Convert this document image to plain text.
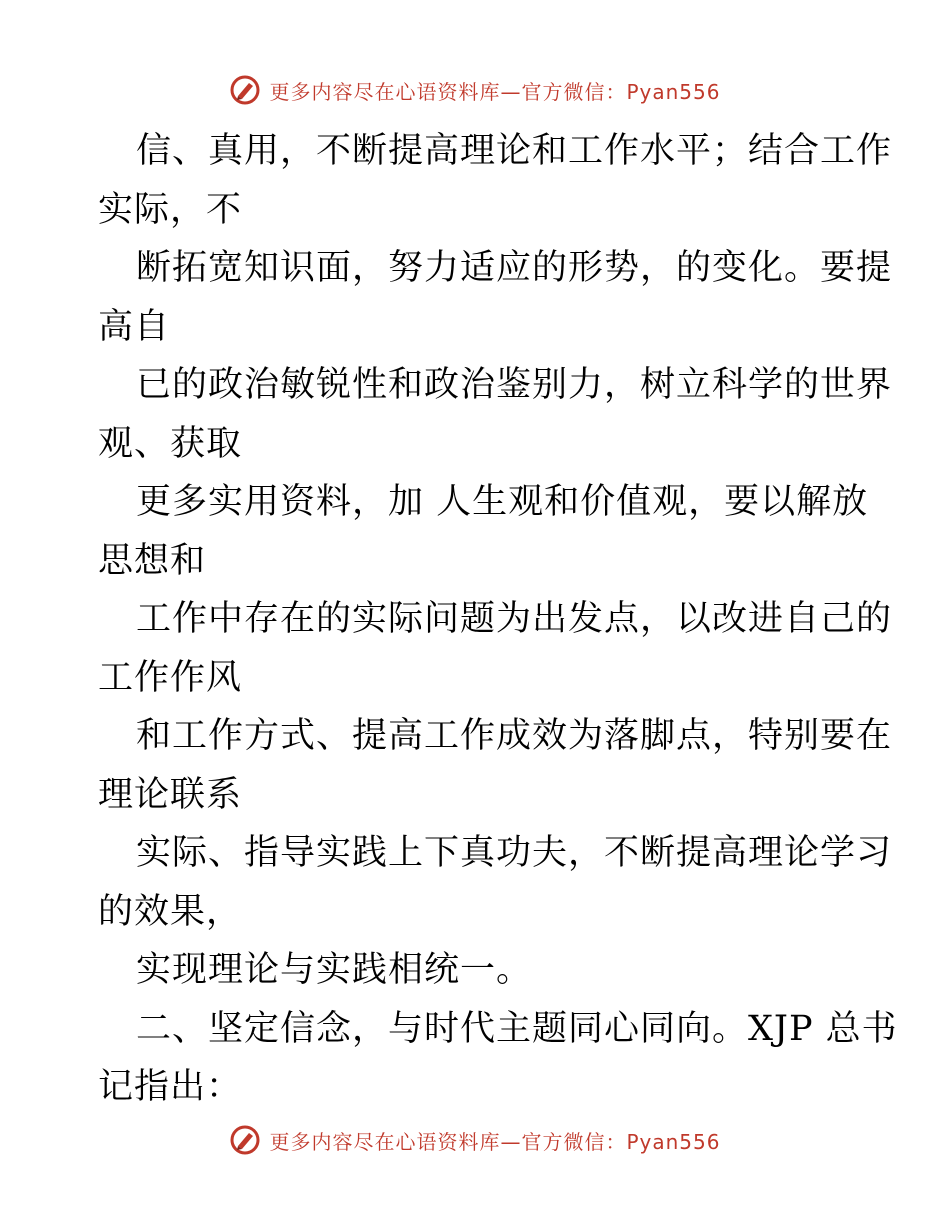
更多内容尽在心语资料库—官方微信：Pyan556
信、真用，不断提高理论和工作水平；结合工作
实际，不
断拓宽知识面，努力适应的形势，的变化。要提
高自
已的政治敏锐性和政治鉴别力，树立科学的世界
观、获取
更多实用资料，加 人生观和价值观，要以解放
思想和
工作中存在的实际问题为出发点，以改进自己的
工作作风
和工作方式、提高工作成效为落脚点，特别要在
理论联系
实际、指导实践上下真功夫，不断提高理论学习
的效果，
实现理论与实践相统一。
二、坚定信念，与时代主题同心同向。XJP 总书
记指出：
更多内容尽在心语资料库—官方微信：Pyan556
